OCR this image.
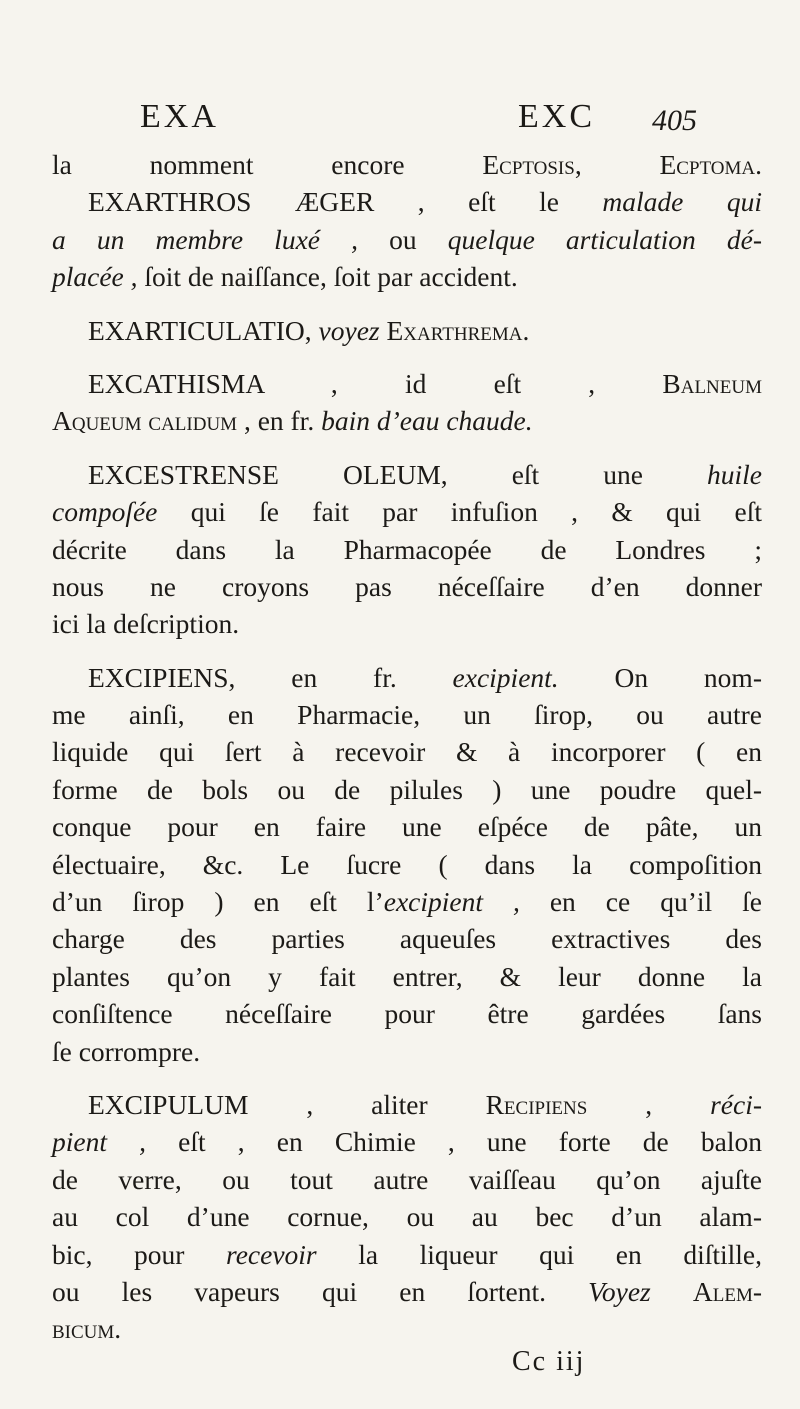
EXA	EXC 405
la nomment encore Ecptosis, Ecptoma.
EXARTHROS ÆGER , eſt le malade qui
a un membre luxé , ou quelque articulation dé-
placée , ſoit de naiſſance, ſoit par accident.
EXARTICULATIO, voyez Exarthrema.
EXCATHISMA , id eſt , Balneum
Aqueum calidum , en fr. bain d’eau chaude.
EXCESTRENSE OLEUM, eſt une huile
compoſée qui ſe fait par infuſion , & qui eſt
décrite dans la Pharmacopée de Londres ;
nous ne croyons pas néceſſaire d’en donner
ici la deſcription.
EXCIPIENS, en fr. excipient. On nom-
me ainſi, en Pharmacie, un ſirop, ou autre
liquide qui ſert à recevoir & à incorporer ( en
forme de bols ou de pilules ) une poudre quel-
conque pour en faire une eſpéce de pâte, un
électuaire, &c. Le ſucre ( dans la compoſition
d’un ſirop ) en eſt l’excipient , en ce qu’il ſe
charge des parties aqueuſes extractives des
plantes qu’on y fait entrer, & leur donne la
conſiſtence néceſſaire pour être gardées ſans
ſe corrompre.
EXCIPULUM , aliter Recipiens , réci-
pient , eſt , en Chimie , une forte de balon
de verre, ou tout autre vaiſſeau qu’on ajuſte
au col d’une cornue, ou au bec d’un alam-
bic, pour recevoir la liqueur qui en diſtille,
ou les vapeurs qui en ſortent. Voyez Alem-
bicum.
Cc iij
